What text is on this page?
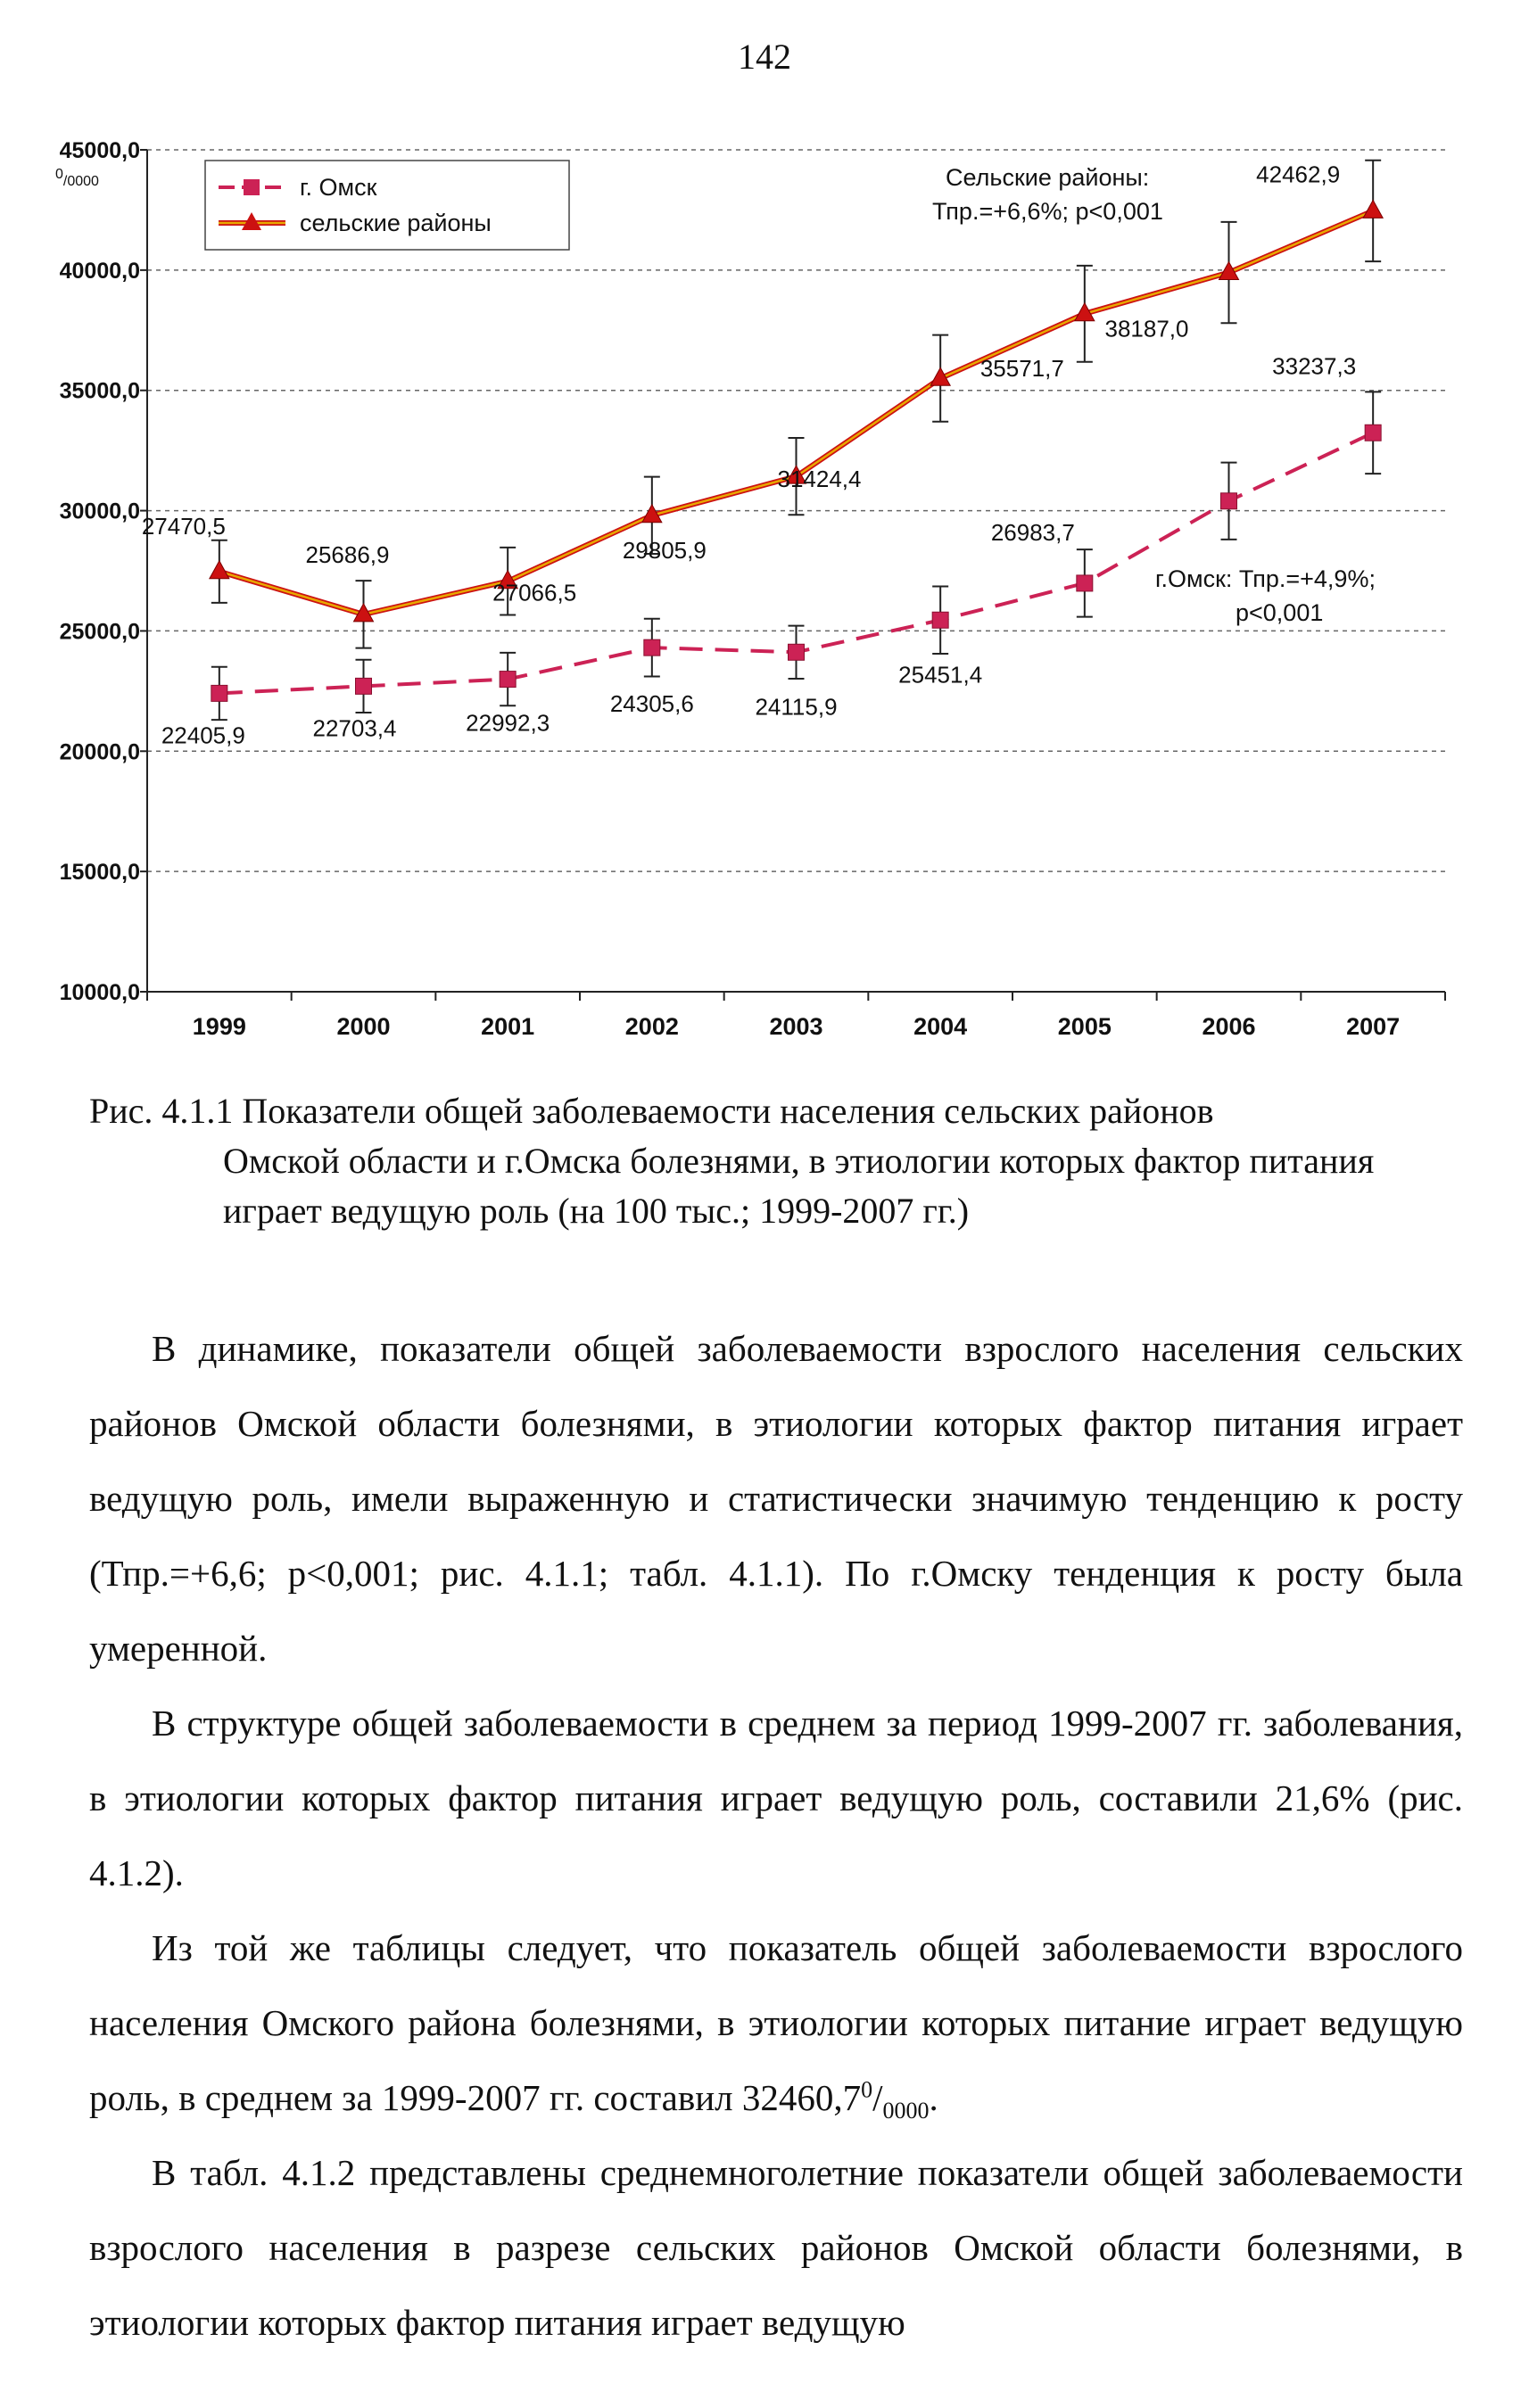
142
10000,0
15000,0
20000,0
25000,0
30000,0
35000,0
40000,0
45000,0
1999	2000	2001	2002	2003	2004	2005	2006	2007
0/0000
22405,9	22703,4	22992,3
24305,6	24115,9
25451,4
26983,7
33237,3
27470,5
25686,9
27066,5
29805,9
31424,4
35571,7
38187,0
42462,9
г. Омск
сельские районы
Сельские районы:
Тпр.=+6,6%; p<0,001
г.Омск: Тпр.=+4,9%;
p<0,001
Рис. 4.1.1 Показатели общей заболеваемости населения сельских районов
Омской области и г.Омска болезнями, в этиологии которых фактор питания играет ведущую роль (на 100 тыс.; 1999-2007 гг.)

В динамике, показатели общей заболеваемости взрослого населения сельских районов Омской области болезнями, в этиологии которых фактор питания играет ведущую роль, имели выраженную и статистически значимую тенденцию к росту (Тпр.=+6,6; p<0,001; рис. 4.1.1; табл. 4.1.1). По г.Омску тенденция к росту была умеренной.

В структуре общей заболеваемости в среднем за период 1999-2007 гг. заболевания, в этиологии которых фактор питания играет ведущую роль, составили 21,6% (рис. 4.1.2).

Из той же таблицы следует, что показатель общей заболеваемости взрослого населения Омского района болезнями, в этиологии которых питание играет ведущую роль, в среднем за 1999-2007 гг. составил $32460,7^0/_{0000}$.

В табл. 4.1.2 представлены среднемноголетние показатели общей заболеваемости взрослого населения в разрезе сельских районов Омской области болезнями, в этиологии которых фактор питания играет ведущую
